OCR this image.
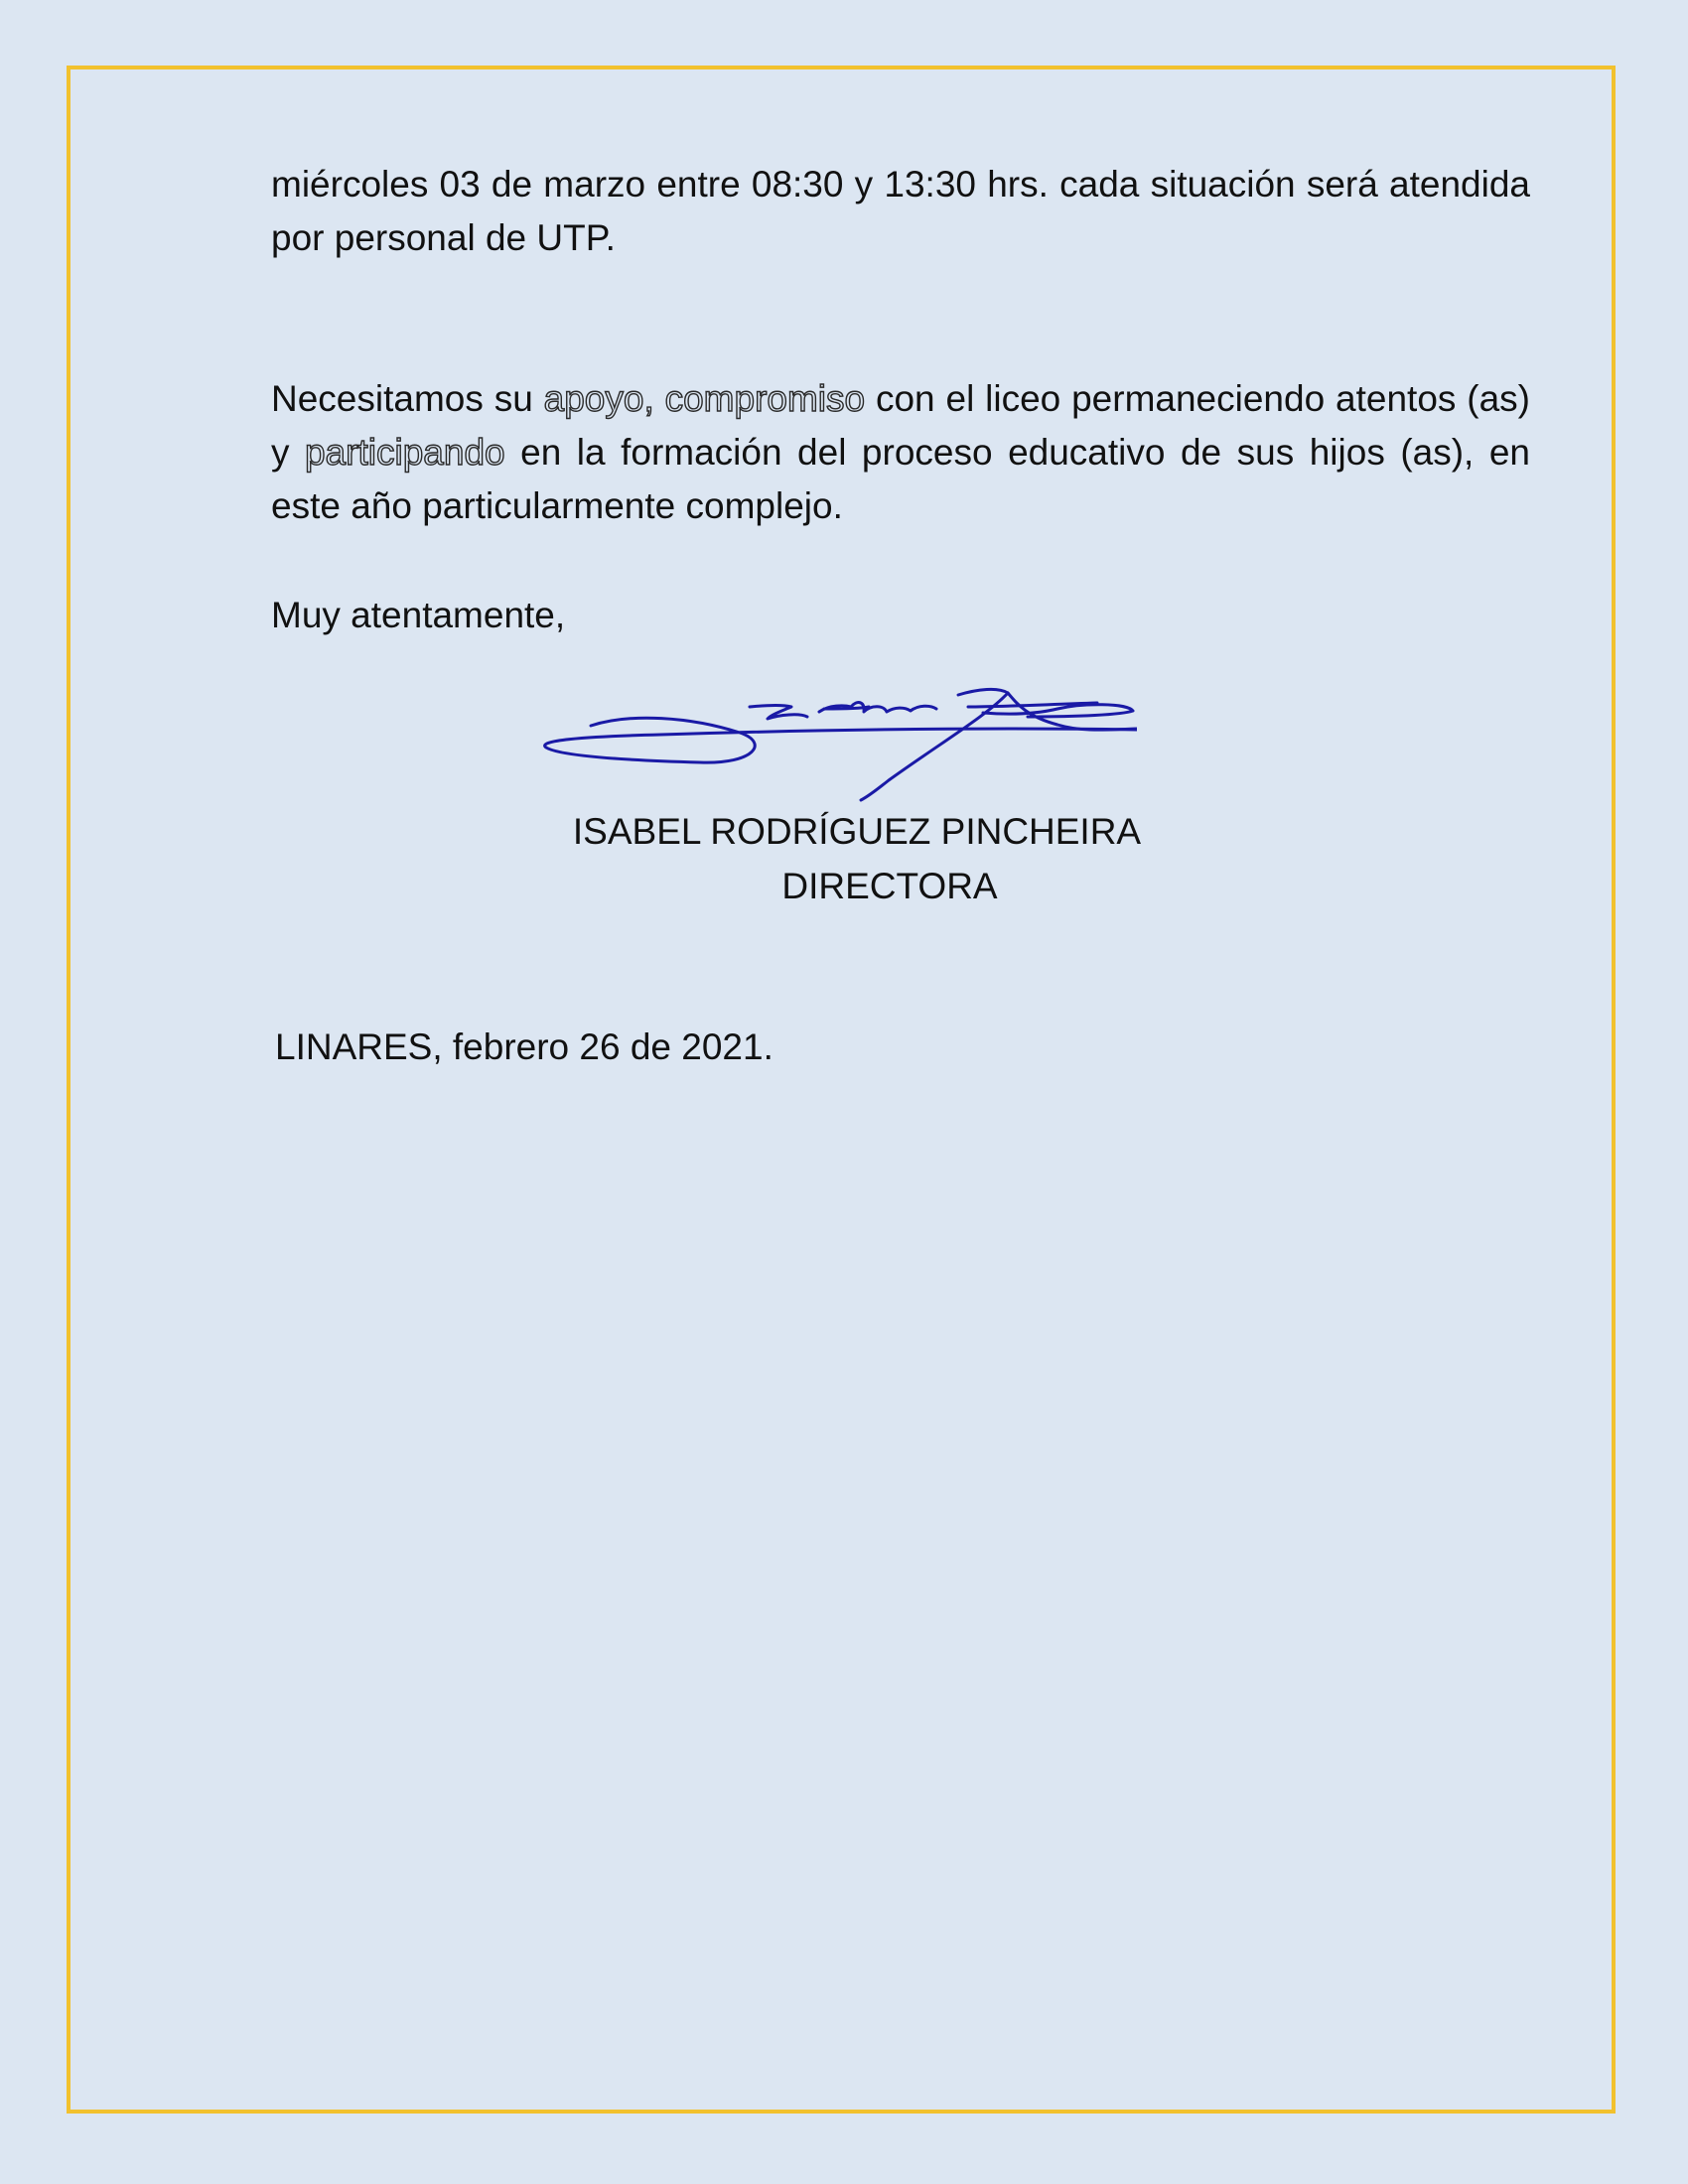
miércoles 03 de marzo entre 08:30 y 13:30 hrs. cada situación será atendida por personal de UTP.

Necesitamos su apoyo, compromiso con el liceo permaneciendo atentos (as) y participando en la formación del proceso educativo de sus hijos (as), en este año particularmente complejo.

Muy atentamente,

ISABEL RODRÍGUEZ PINCHEIRA
DIRECTORA
LINARES, febrero 26 de 2021.
